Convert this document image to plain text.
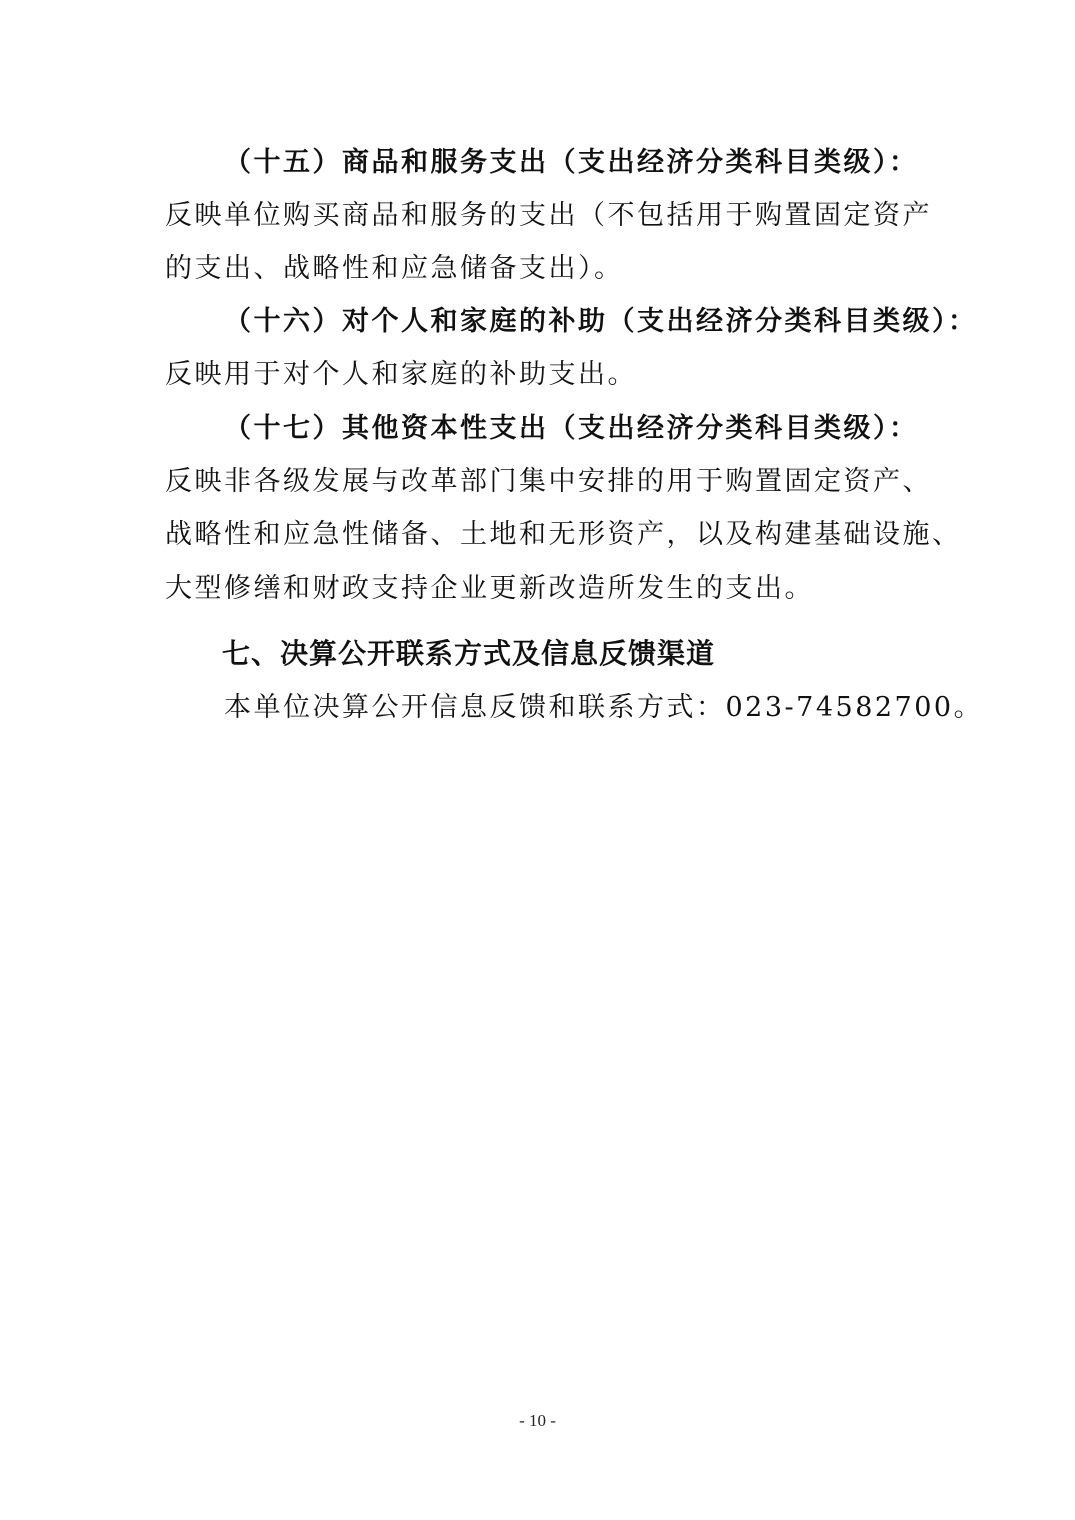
（十五）商品和服务支出（支出经济分类科目类级）：
反映单位购买商品和服务的支出（不包括用于购置固定资产
的支出、战略性和应急储备支出）。
（十六）对个人和家庭的补助（支出经济分类科目类级）：
反映用于对个人和家庭的补助支出。
（十七）其他资本性支出（支出经济分类科目类级）：
反映非各级发展与改革部门集中安排的用于购置固定资产、
战略性和应急性储备、土地和无形资产，以及构建基础设施、
大型修缮和财政支持企业更新改造所发生的支出。
七、决算公开联系方式及信息反馈渠道
本单位决算公开信息反馈和联系方式：023-74582700。
- 10 -
